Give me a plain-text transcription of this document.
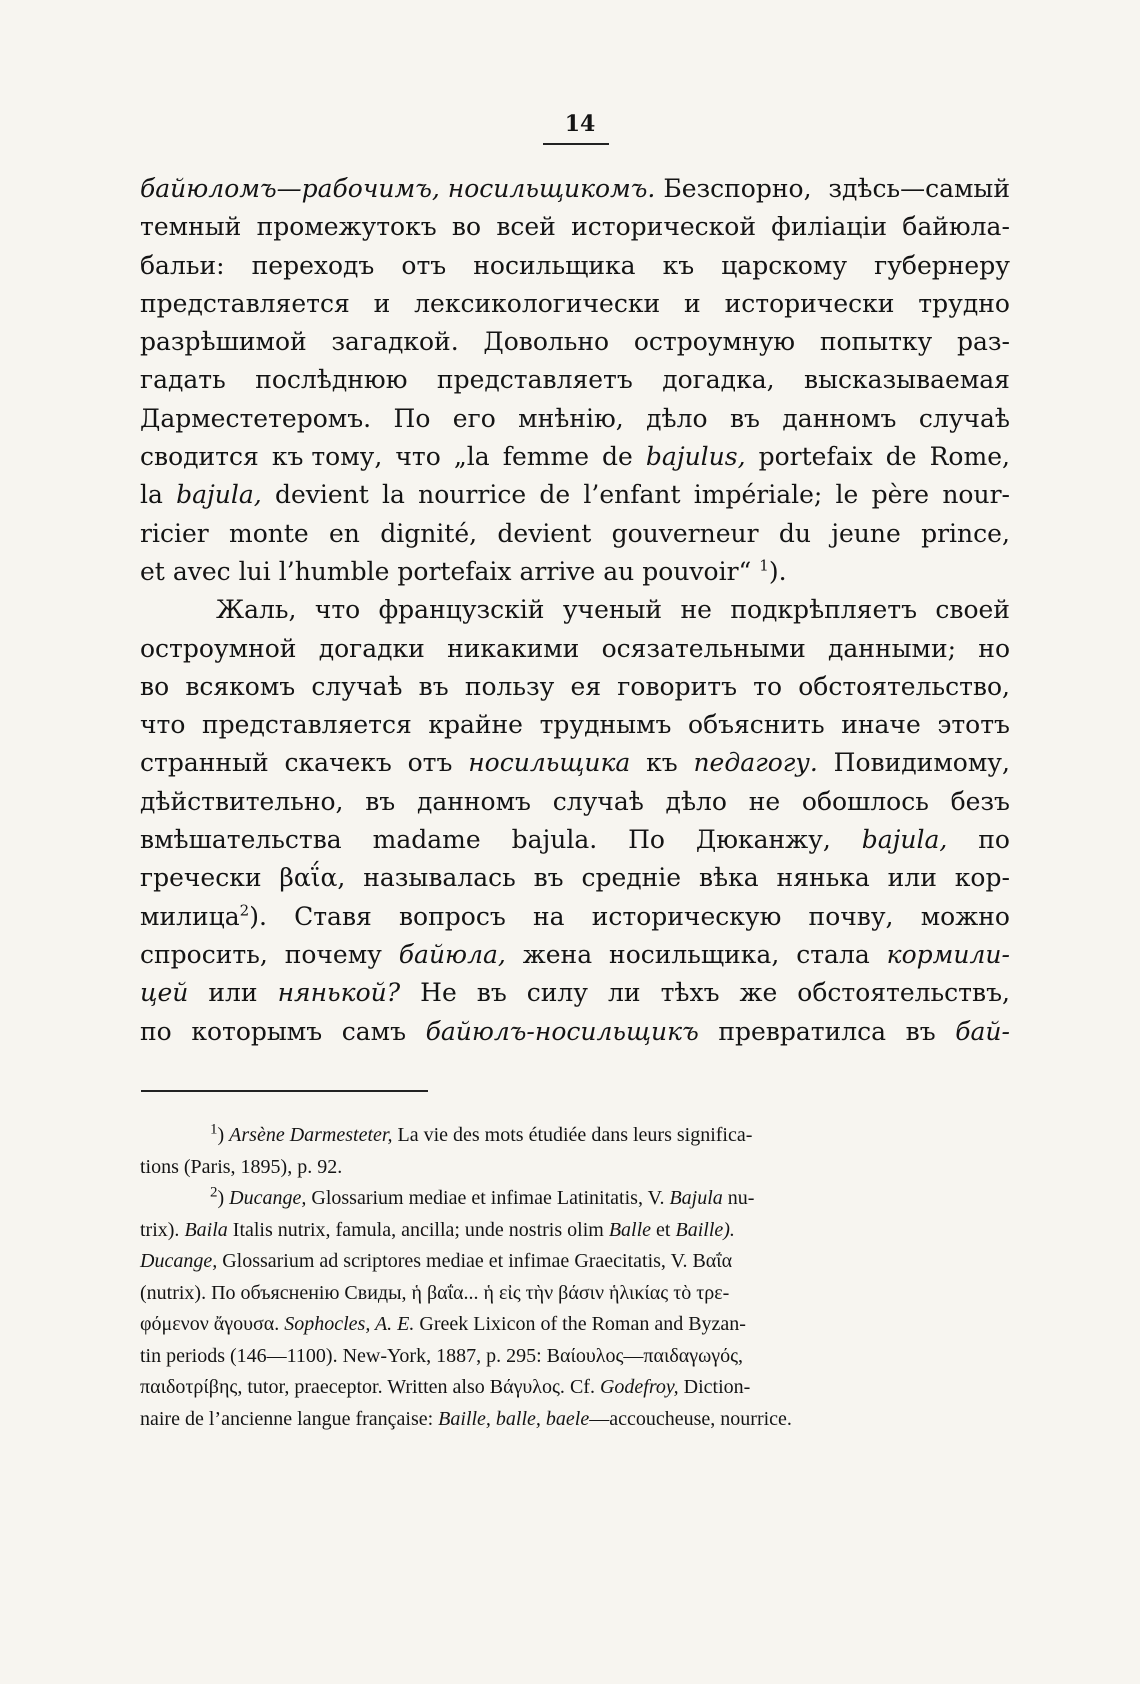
14
байюломъ—рабочимъ, носильщикомъ. Безспорно, здѣсь—самый
темный промежутокъ во всей исторической филіаціи байюла-
бальи: переходъ отъ носильщика къ царскому губернеру
представляется и лексикологически и исторически трудно
разрѣшимой загадкой. Довольно остроумную попытку раз-
гадать послѣднюю представляетъ догадка, высказываемая
Дарместетеромъ. По его мнѣнію, дѣло въ данномъ случаѣ
сводится къ тому, что „la femme de bajulus, portefaix de Rome,
la bajula, devient la nourrice de l’enfant impériale; le père nour-
ricier monte en dignité, devient gouverneur du jeune prince,
et avec lui l’humble portefaix arrive au pouvoir“ $^1$).
Жаль, что французскій ученый не подкрѣпляетъ своей
остроумной догадки никакими осязательными данными; но
во всякомъ случаѣ въ пользу ея говоритъ то обстоятельство,
что представляется крайне труднымъ объяснить иначе этотъ
странный скачекъ отъ носильщика къ педагогу. Повидимому,
дѣйствительно, въ данномъ случаѣ дѣло не обошлось безъ
вмѣшательства madame bajula. По Дюканжу, bajula, по
гречески βαΐα, называлась въ средніе вѣка нянька или кор-
милица$^2$). Ставя вопросъ на историческую почву, можно
спросить, почему байюла, жена носильщика, стала кормили-
цей или нянькой? Не въ силу ли тѣхъ же обстоятельствъ,
по которымъ самъ байюлъ-носильщикъ превратилса въ бай-
$^1$) Arsène Darmesteter, La vie des mots étudiée dans leurs significa-
tions (Paris, 1895), p. 92.
$^2$) Ducange, Glossarium mediae et infimae Latinitatis, V. Bajula nu-
trix). Baila Italis nutrix, famula, ancilla; unde nostris olim Balle et Baille).
Ducange, Glossarium ad scriptores mediae et infimae Graecitatis, V. Βαΐα
(nutrix). По объясненію Свиды, ἡ βαΐα... ἡ εἰς τὴν βάσιν ἡλικίας τὸ τρε-
φόμενον ἄγουσα. Sophocles, A. E. Greek Lixicon of the Roman and Byzan-
tin periods (146—1100). New-York, 1887, p. 295: Βαίουλος—παιδαγωγός,
παιδοτρίβης, tutor, praeceptor. Written also Βάγυλος. Cf. Godefroy, Diction-
naire de l’ancienne langue française: Baille, balle, baele—accoucheuse, nourrice.
